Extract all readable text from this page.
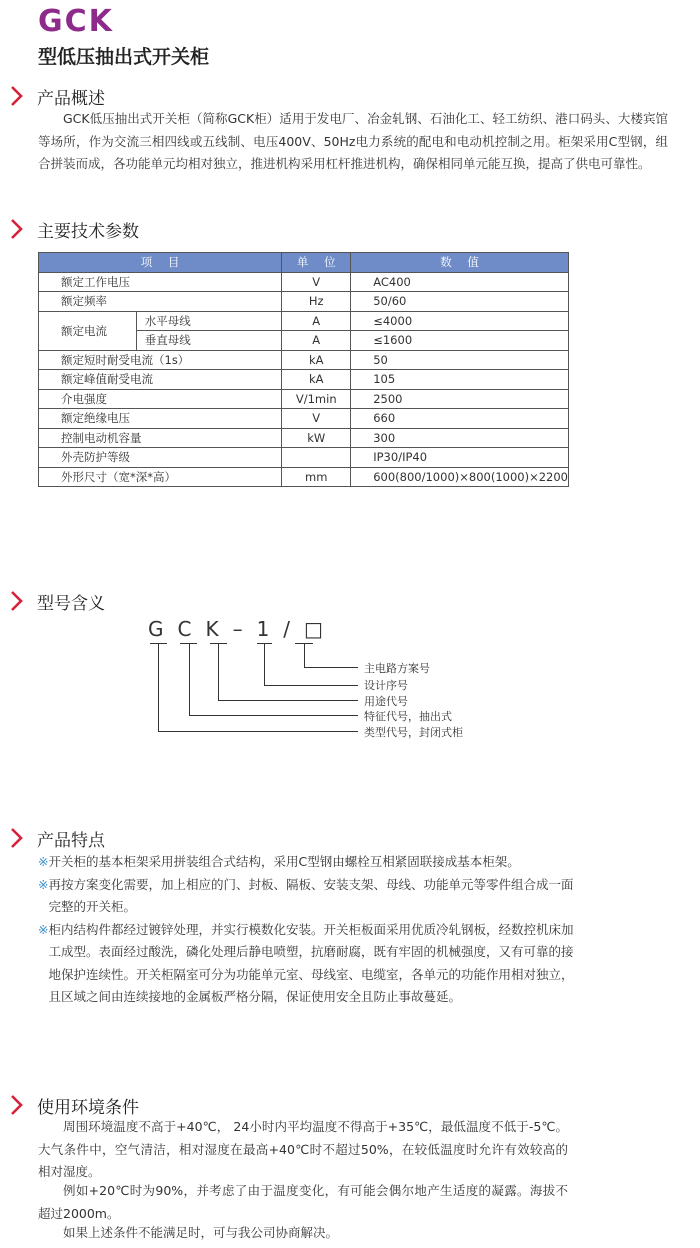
GCK
型低压抽出式开关柜
产品概述

GCK低压抽出式开关柜（简称GCK柜）适用于发电厂、冶金轧钢、石油化工、轻工纺织、港口码头、大楼宾馆等场所，作为交流三相四线或五线制、电压400V、50Hz电力系统的配电和电动机控制之用。柜架采用C型钢，组合拼装而成，各功能单元均相对独立，推进机构采用杠杆推进机构，确保相同单元能互换，提高了供电可靠性。

主要技术参数
项 目		单 位	数 值
额定工作电压		V	AC400
额定频率		Hz	50/60
额定电流	水平母线	A	≤4000
	垂直母线	A	≤1600
额定短时耐受电流（1s）		kA	50
额定峰值耐受电流		kA	105
介电强度		V/1min	2500
额定绝缘电压		V	660
控制电动机容量		kW	300
外壳防护等级			IP30/IP40
外形尺寸（宽*深*高）		mm	600(800/1000)×800(1000)×2200
型号含义
GCK–1/□
主电路方案号
设计序号
用途代号
特征代号，抽出式
类型代号，封闭式柜
产品特点
※开关柜的基本柜架采用拼装组合式结构，采用C型钢由螺栓互相紧固联接成基本柜架。
※ 再按方案变化需要，加上相应的门、封板、隔板、安装支架、母线、功能单元等零件组合成一面完整的开关柜。
※ 柜内结构件都经过镀锌处理，并实行模数化安装。开关柜板面采用优质冷轧钢板，经数控机床加工成型。表面经过酸洗，磷化处理后静电喷塑，抗磨耐腐，既有牢固的机械强度，又有可靠的接地保护连续性。开关柜隔室可分为功能单元室、母线室、电缆室，各单元的功能作用相对独立，且区域之间由连续接地的金属板严格分隔，保证使用安全且防止事故蔓延。
使用环境条件
周围环境温度不高于+40℃， 24小时内平均温度不得高于+35℃，最低温度不低于-5℃。大气条件中，空气清洁，相对湿度在最高+40℃时不超过50%，在较低温度时允许有效较高的相对湿度。
例如+20℃时为90%，并考虑了由于温度变化，有可能会偶尔地产生适度的凝露。海拔不超过2000m。
如果上述条件不能满足时，可与我公司协商解决。
